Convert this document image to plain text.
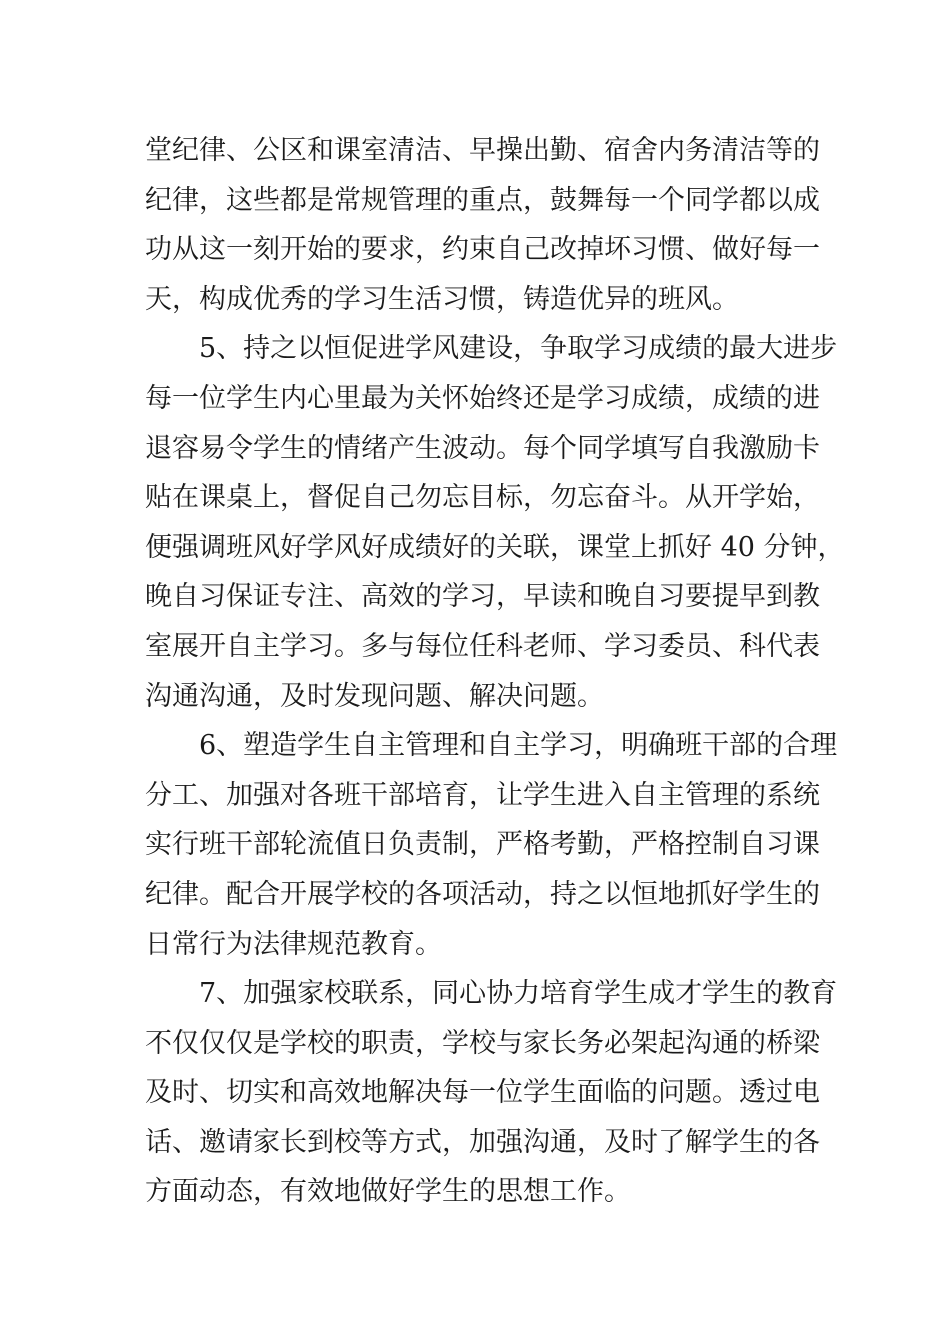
堂纪律、公区和课室清洁、早操出勤、宿舍内务清洁等的
纪律，这些都是常规管理的重点，鼓舞每一个同学都以成
功从这一刻开始的要求，约束自己改掉坏习惯、做好每一
天，构成优秀的学习生活习惯，铸造优异的班风。
5、持之以恒促进学风建设，争取学习成绩的最大进步
每一位学生内心里最为关怀始终还是学习成绩，成绩的进
退容易令学生的情绪产生波动。每个同学填写自我激励卡
贴在课桌上，督促自己勿忘目标，勿忘奋斗。从开学始，
便强调班风好学风好成绩好的关联，课堂上抓好 40 分钟，
晚自习保证专注、高效的学习，早读和晚自习要提早到教
室展开自主学习。多与每位任科老师、学习委员、科代表
沟通沟通，及时发现问题、解决问题。
6、塑造学生自主管理和自主学习，明确班干部的合理
分工、加强对各班干部培育，让学生进入自主管理的系统
实行班干部轮流值日负责制，严格考勤，严格控制自习课
纪律。配合开展学校的各项活动，持之以恒地抓好学生的
日常行为法律规范教育。
7、加强家校联系，同心协力培育学生成才学生的教育
不仅仅仅是学校的职责，学校与家长务必架起沟通的桥梁
及时、切实和高效地解决每一位学生面临的问题。透过电
话、邀请家长到校等方式，加强沟通，及时了解学生的各
方面动态，有效地做好学生的思想工作。
